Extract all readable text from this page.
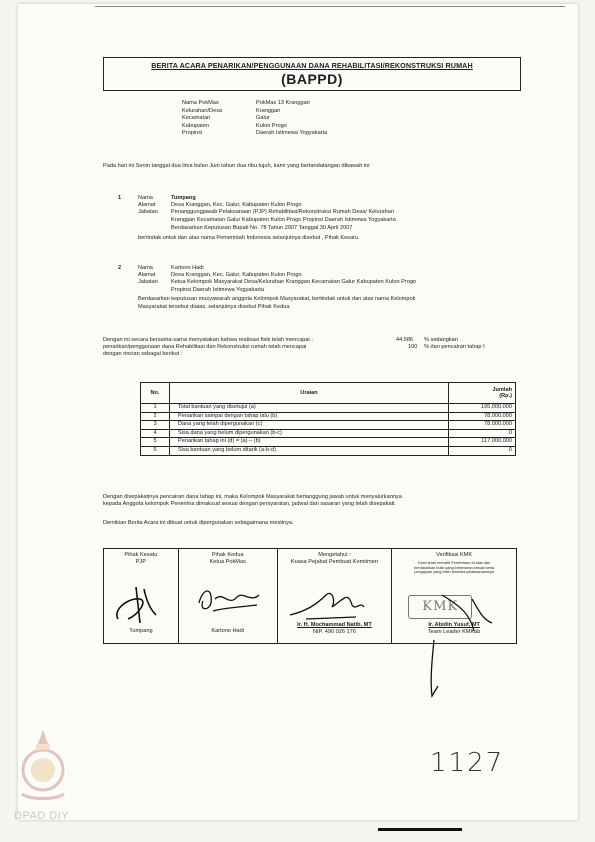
BERITA ACARA PENARIKAN/PENGGUNAAN DANA REHABILITASI/REKONSTRUKSI RUMAH
(BAPPD)
Nama PokMas	PokMas 13 Kranggan
Kelurahan/Desa	Kranggan
Kecamatan	Galur
Kabupaten	Kulon Progo
Propinsi	Daerah Istimewa Yogyakarta
Pada hari ini Senin tanggal dua lima bulan Juni tahun dua ribu tujuh, kami yang bertandatangan dibawah ini
1	Nama	Tumpang
Alamat	Desa Kranggan, Kec. Galur, Kabupaten Kulon Progo
Jabatan Penanggungjawab Pelaksanaan (PJP) Rehabilitasi/Rekonstruksi Rumah Desa/ Kelurahan
Kranggan Kecamatan Galur Kabupaten Kulon Progo Propinsi Daerah Istimewa Yogyakarta
Berdasarkan Keputusan Bupati No. 78 Tahun 2007 Tanggal 30 April 2007
bertindak untuk dan atas nama Pemerintah Indonesia selanjutnya disebut , Pihak Kesatu.
2	Nama	Kartono Hadi
Alamat	Desa Kranggan, Kec. Galur, Kabupaten Kulon Progo
Jabatan Ketua Kelompok Masyarakat Desa/Kelurahan Kranggan Kecamatan Galur Kabupaten Kulon Progo
Propinsi Daerah Istimewa Yogyakarta
Berdasarkan keputusan musyawarah anggota Kelompok Masyarakat, bertindak untuk dan atas nama Kelompok
Masyarakat tersebut diatas, selanjutnya disebut Pihak Kedua
Dengan ini secara bersama-sama menyatakan bahwa realisasi fisik telah mencapai :	44.586 % sedangkan
penarikan/penggunaan dana Rehabilitasi dan Rekonstruksi rumah telah mencapai	100 % dan pencairan tahap I
dengan rincian sebagai berikut :
No.	Uraian	Jumlah
(Rp.)
1	Total bantuan yang disetujui (a)	195.000.000
2	Penarikan sampai dengan tahap lalu (b)	78.000.000
3	Dana yang telah dipergunakan (c)	78.000.000
4	Sisa dana yang belum dipergunakan (b-c)	0
5	Penarikan tahap ini (d) = (a) – (b)	117.000.000
6	Sisa bantuan yang belum ditarik (a-b-d)	0
Dengan disepakatinya pencairan dana tahap ini, maka Kelompok Masyarakat bertanggung jawab untuk menyalurkannya
kepada Anggota kelompok Penerima dimaksud sesuai dengan persyaratan, jadwal dan sasaran yang telah disepakati.
Demikian Berita Acara ini dibuat untuk dipergunakan sebagaimana mestinya.
Pihak Kesatu
PJP
Tumpang
Pihak Kedua
Ketua PokMas
Kartono Hadi
Mengetahui :
Kuasa Pejabat Pembuat Komitmen
Ir. H. Mochammad Natib, MT
NIP. 490 026 176
Verifikasi KMK
Kami telah meneliti Permintaan di atas dan
berdasarkan bukti yang kebenaran sesuai serta
pengajuan yang telah tersedia pelaksanaannya
KMK
Ir. Abidin Yusuf, MT
Team Leader KMKab
1127
DPAD DIY
